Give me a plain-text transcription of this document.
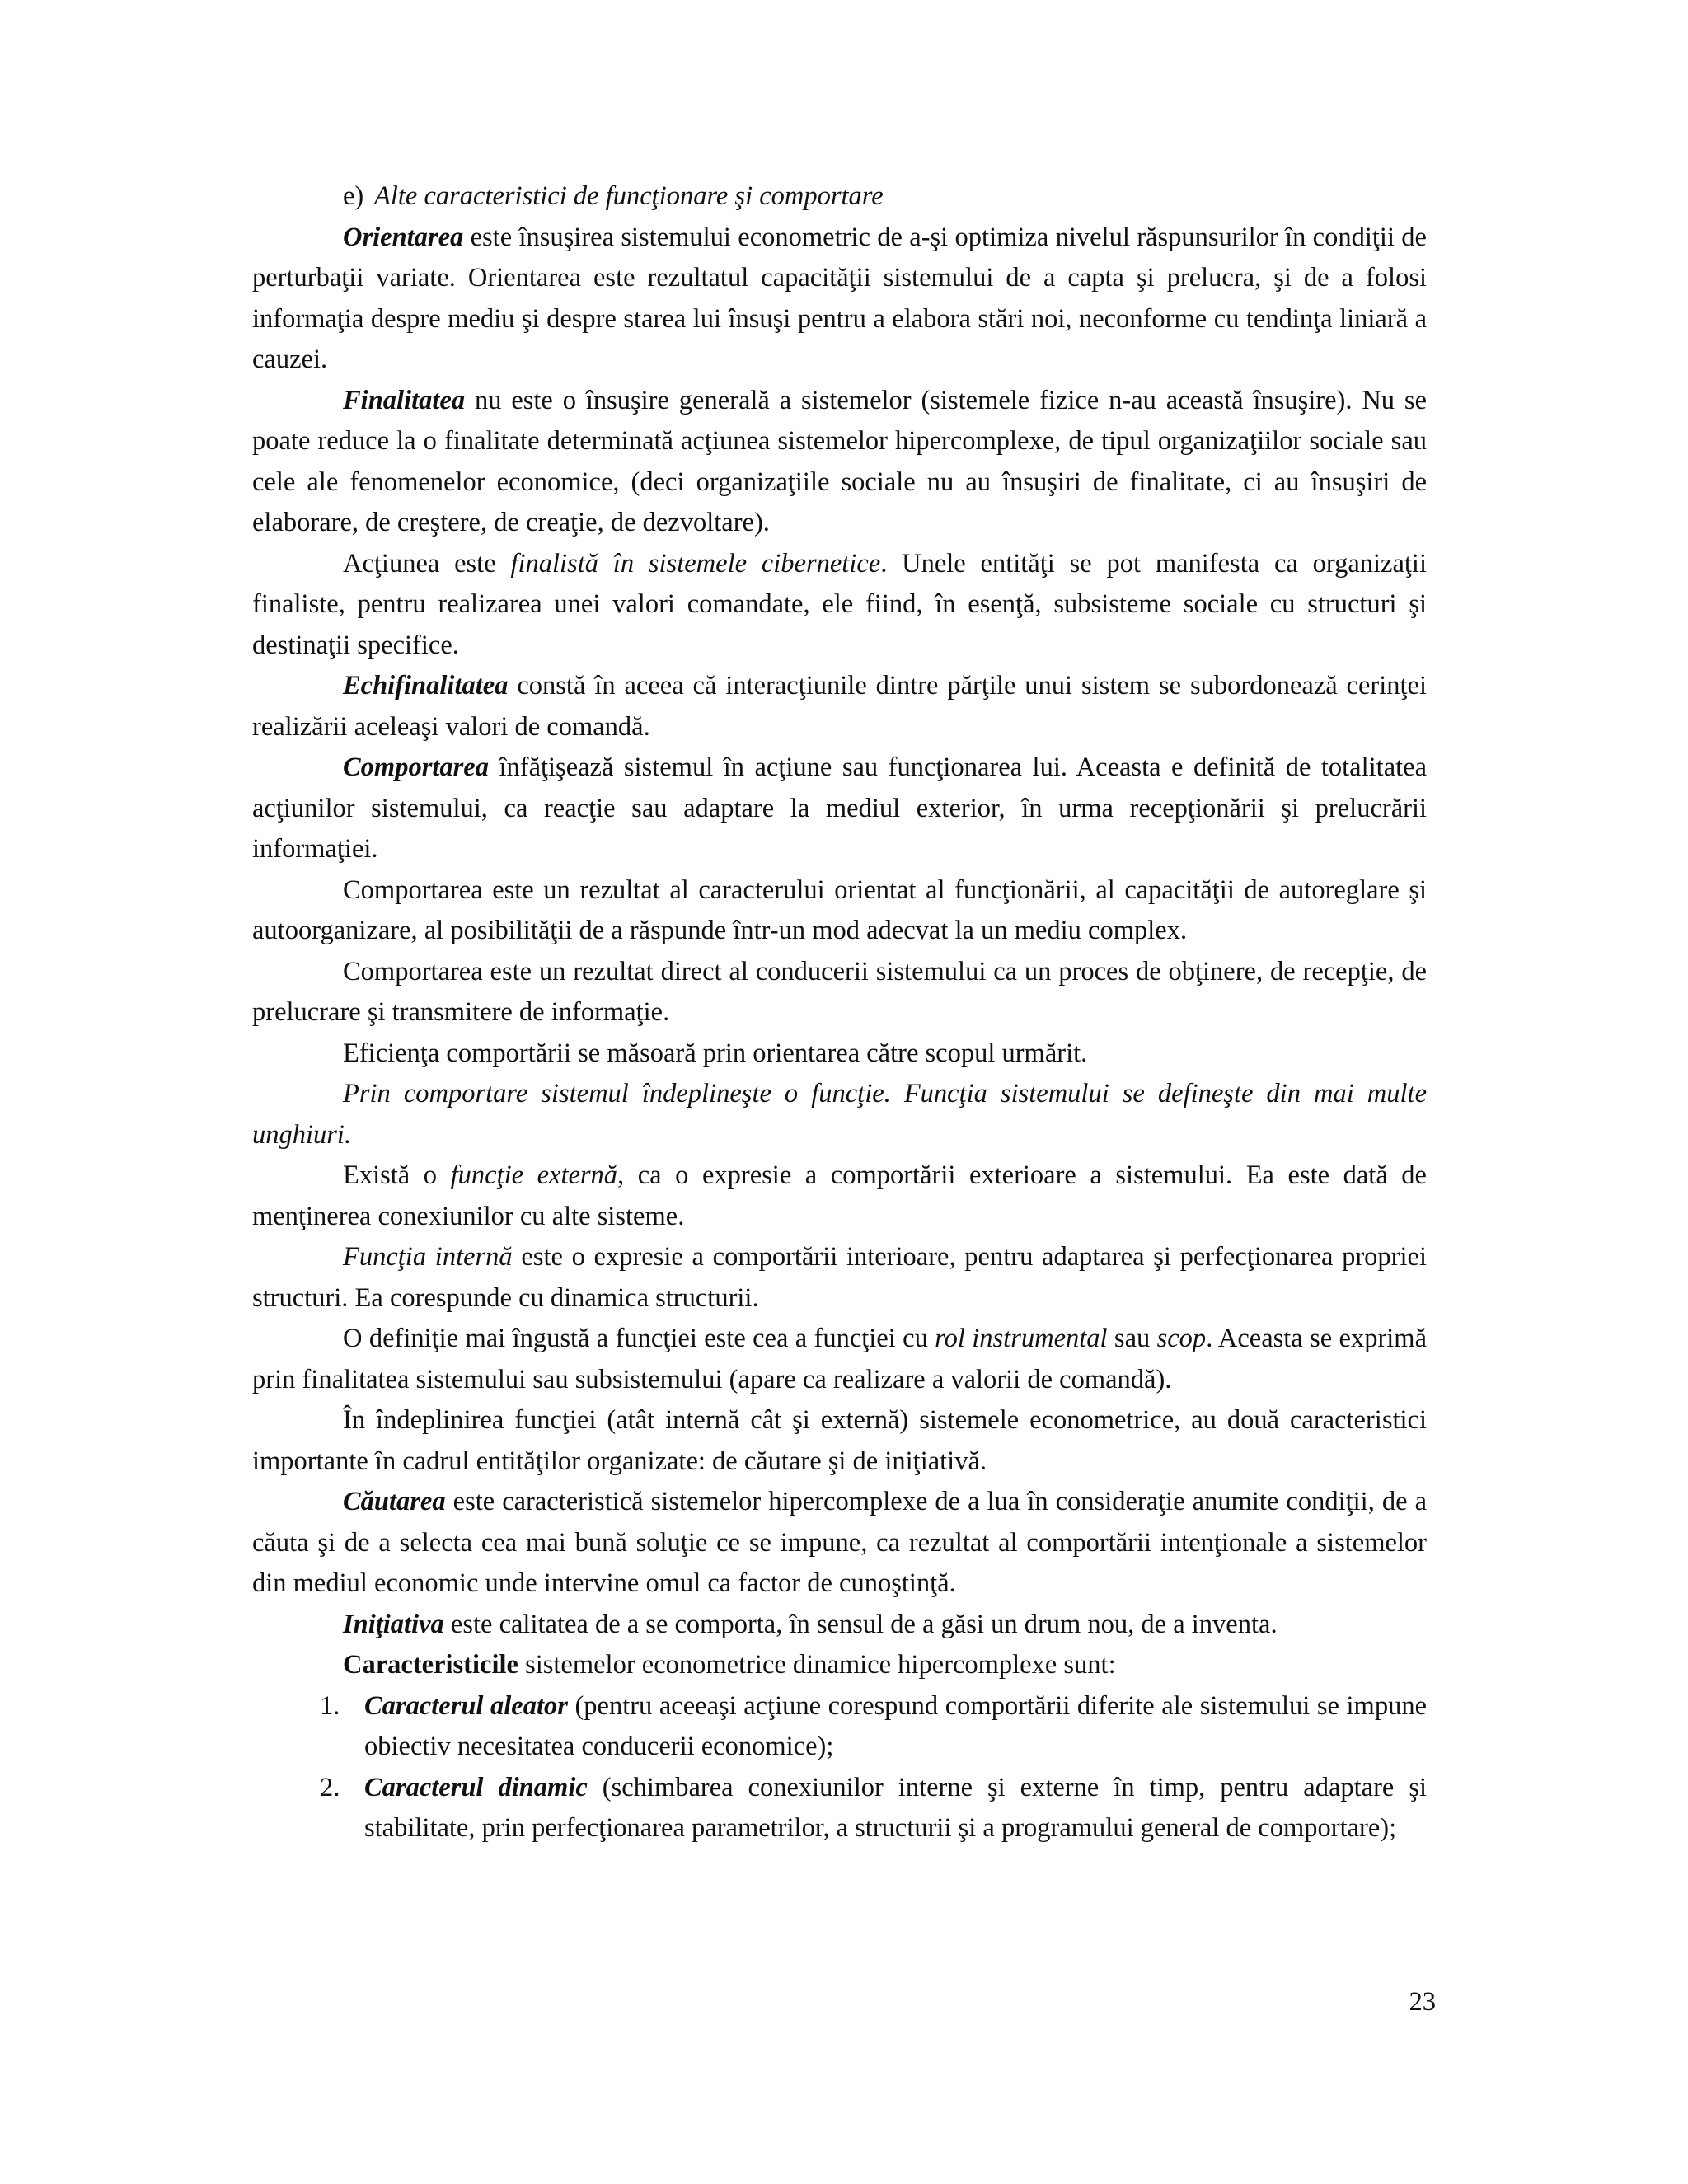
e) Alte caracteristici de funcţionare şi comportare

Orientarea este însuşirea sistemului econometric de a-şi optimiza nivelul răspunsurilor în condiţii de perturbaţii variate. Orientarea este rezultatul capacităţii sistemului de a capta şi prelucra, şi de a folosi informaţia despre mediu şi despre starea lui însuşi pentru a elabora stări noi, neconforme cu tendinţa liniară a cauzei.

Finalitatea nu este o însuşire generală a sistemelor (sistemele fizice n-au această însuşire). Nu se poate reduce la o finalitate determinată acţiunea sistemelor hipercomplexe, de tipul organizaţiilor sociale sau cele ale fenomenelor economice, (deci organizaţiile sociale nu au însuşiri de finalitate, ci au însuşiri de elaborare, de creştere, de creaţie, de dezvoltare).

Acţiunea este finalistă în sistemele cibernetice. Unele entităţi se pot manifesta ca organizaţii finaliste, pentru realizarea unei valori comandate, ele fiind, în esenţă, subsisteme sociale cu structuri şi destinaţii specifice.

Echifinalitatea constă în aceea că interacţiunile dintre părţile unui sistem se subordonează cerinţei realizării aceleaşi valori de comandă.

Comportarea înfăţişează sistemul în acţiune sau funcţionarea lui. Aceasta e definită de totalitatea acţiunilor sistemului, ca reacţie sau adaptare la mediul exterior, în urma recepţionării şi prelucrării informaţiei.

Comportarea este un rezultat al caracterului orientat al funcţionării, al capacităţii de autoreglare şi autoorganizare, al posibilităţii de a răspunde într-un mod adecvat la un mediu complex.

Comportarea este un rezultat direct al conducerii sistemului ca un proces de obţinere, de recepţie, de prelucrare şi transmitere de informaţie.

Eficienţa comportării se măsoară prin orientarea către scopul urmărit.

Prin comportare sistemul îndeplineşte o funcţie. Funcţia sistemului se defineşte din mai multe unghiuri.

Există o funcţie externă, ca o expresie a comportării exterioare a sistemului. Ea este dată de menţinerea conexiunilor cu alte sisteme.

Funcţia internă este o expresie a comportării interioare, pentru adaptarea şi perfecţionarea propriei structuri. Ea corespunde cu dinamica structurii.

O definiţie mai îngustă a funcţiei este cea a funcţiei cu rol instrumental sau scop. Aceasta se exprimă prin finalitatea sistemului sau subsistemului (apare ca realizare a valorii de comandă).

În îndeplinirea funcţiei (atât internă cât şi externă) sistemele econometrice, au două caracteristici importante în cadrul entităţilor organizate: de căutare şi de iniţiativă.

Căutarea este caracteristică sistemelor hipercomplexe de a lua în consideraţie anumite condiţii, de a căuta şi de a selecta cea mai bună soluţie ce se impune, ca rezultat al comportării intenţionale a sistemelor din mediul economic unde intervine omul ca factor de cunoştinţă.

Iniţiativa este calitatea de a se comporta, în sensul de a găsi un drum nou, de a inventa.

Caracteristicile sistemelor econometrice dinamice hipercomplexe sunt:

1. Caracterul aleator (pentru aceeaşi acţiune corespund comportării diferite ale sistemului se impune obiectiv necesitatea conducerii economice);
2. Caracterul dinamic (schimbarea conexiunilor interne şi externe în timp, pentru adaptare şi stabilitate, prin perfecţionarea parametrilor, a structurii şi a programului general de comportare);
23
